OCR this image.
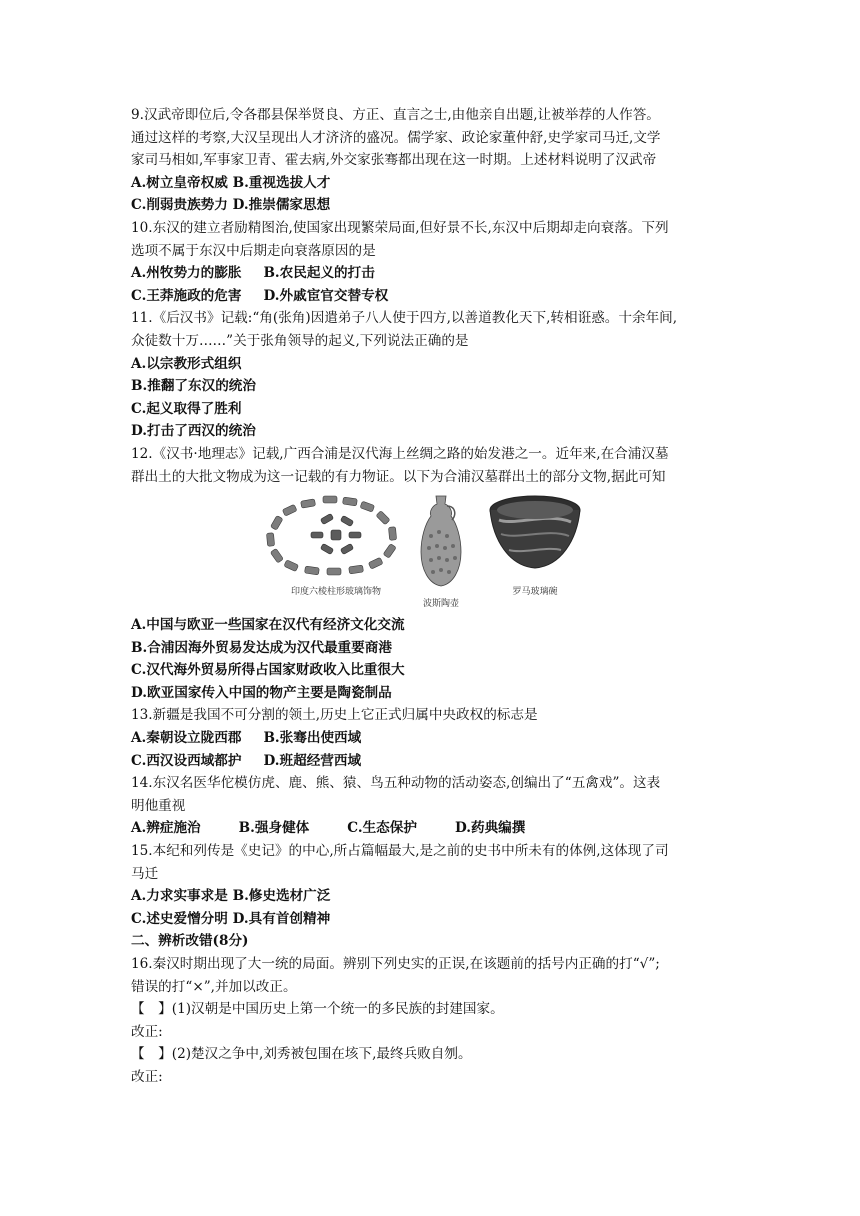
9.汉武帝即位后,令各郡县保举贤良、方正、直言之士,由他亲自出题,让被举荐的人作答。
通过这样的考察,大汉呈现出人才济济的盛况。儒学家、政论家董仲舒,史学家司马迁,文学
家司马相如,军事家卫青、霍去病,外交家张骞都出现在这一时期。上述材料说明了汉武帝
A.树立皇帝权威 B.重视选拔人才
C.削弱贵族势力 D.推崇儒家思想
10.东汉的建立者励精图治,使国家出现繁荣局面,但好景不长,东汉中后期却走向衰落。下列
选项不属于东汉中后期走向衰落原因的是
A.州牧势力的膨胀 B.农民起义的打击
C.王莽施政的危害 D.外戚宦官交替专权
11.《后汉书》记载:“角(张角)因遣弟子八人使于四方,以善道教化天下,转相诳惑。十余年间,
众徒数十万……”关于张角领导的起义,下列说法正确的是
A.以宗教形式组织
B.推翻了东汉的统治
C.起义取得了胜利
D.打击了西汉的统治
12.《汉书·地理志》记载,广西合浦是汉代海上丝绸之路的始发港之一。近年来,在合浦汉墓
群出土的大批文物成为这一记载的有力物证。以下为合浦汉墓群出土的部分文物,据此可知
印度六棱柱形玻璃饰物
波斯陶壶
罗马玻璃碗
A.中国与欧亚一些国家在汉代有经济文化交流
B.合浦因海外贸易发达成为汉代最重要商港
C.汉代海外贸易所得占国家财政收入比重很大
D.欧亚国家传入中国的物产主要是陶瓷制品
13.新疆是我国不可分割的领土,历史上它正式归属中央政权的标志是
A.秦朝设立陇西郡 B.张骞出使西域
C.西汉设西域都护 D.班超经营西域
14.东汉名医华佗模仿虎、鹿、熊、猿、鸟五种动物的活动姿态,创编出了“五禽戏”。这表
明他重视
A.辨症施治	B.强身健体	C.生态保护	D.药典编撰
15.本纪和列传是《史记》的中心,所占篇幅最大,是之前的史书中所未有的体例,这体现了司
马迁
A.力求实事求是 B.修史选材广泛
C.述史爱憎分明 D.具有首创精神
二、辨析改错(8分)
16.秦汉时期出现了大一统的局面。辨别下列史实的正误,在该题前的括号内正确的打“√”;
错误的打“×”,并加以改正。
【　】(1)汉朝是中国历史上第一个统一的多民族的封建国家。
改正:
【　】(2)楚汉之争中,刘秀被包围在垓下,最终兵败自刎。
改正:
